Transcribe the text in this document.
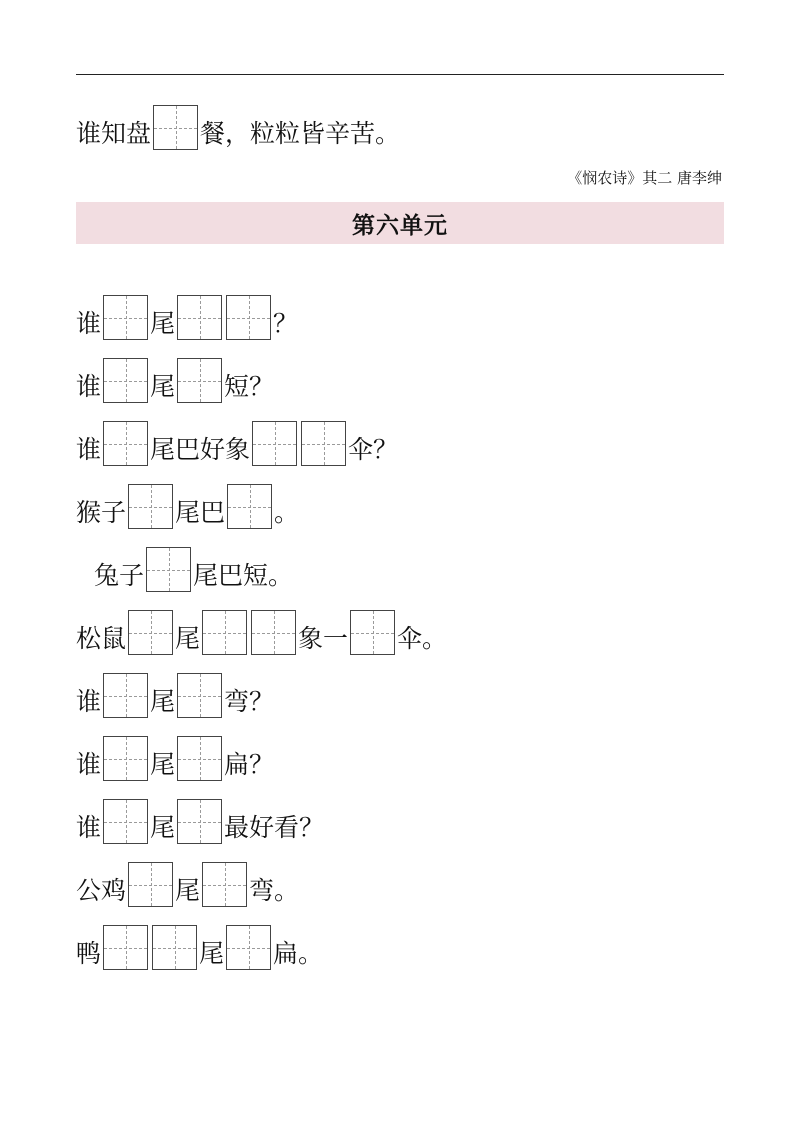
谁知盘 餐，粒粒皆辛苦。
《悯农诗》其二 唐李绅
第六单元
谁 尾	？
谁 尾 短？
谁 尾巴好象	伞？
猴子 尾巴 。
兔子 尾巴短。
松鼠 尾	象一 伞。
谁 尾 弯？
谁 尾 扁？
谁 尾 最好看？
公鸡 尾 弯。
鸭	尾 扁。
